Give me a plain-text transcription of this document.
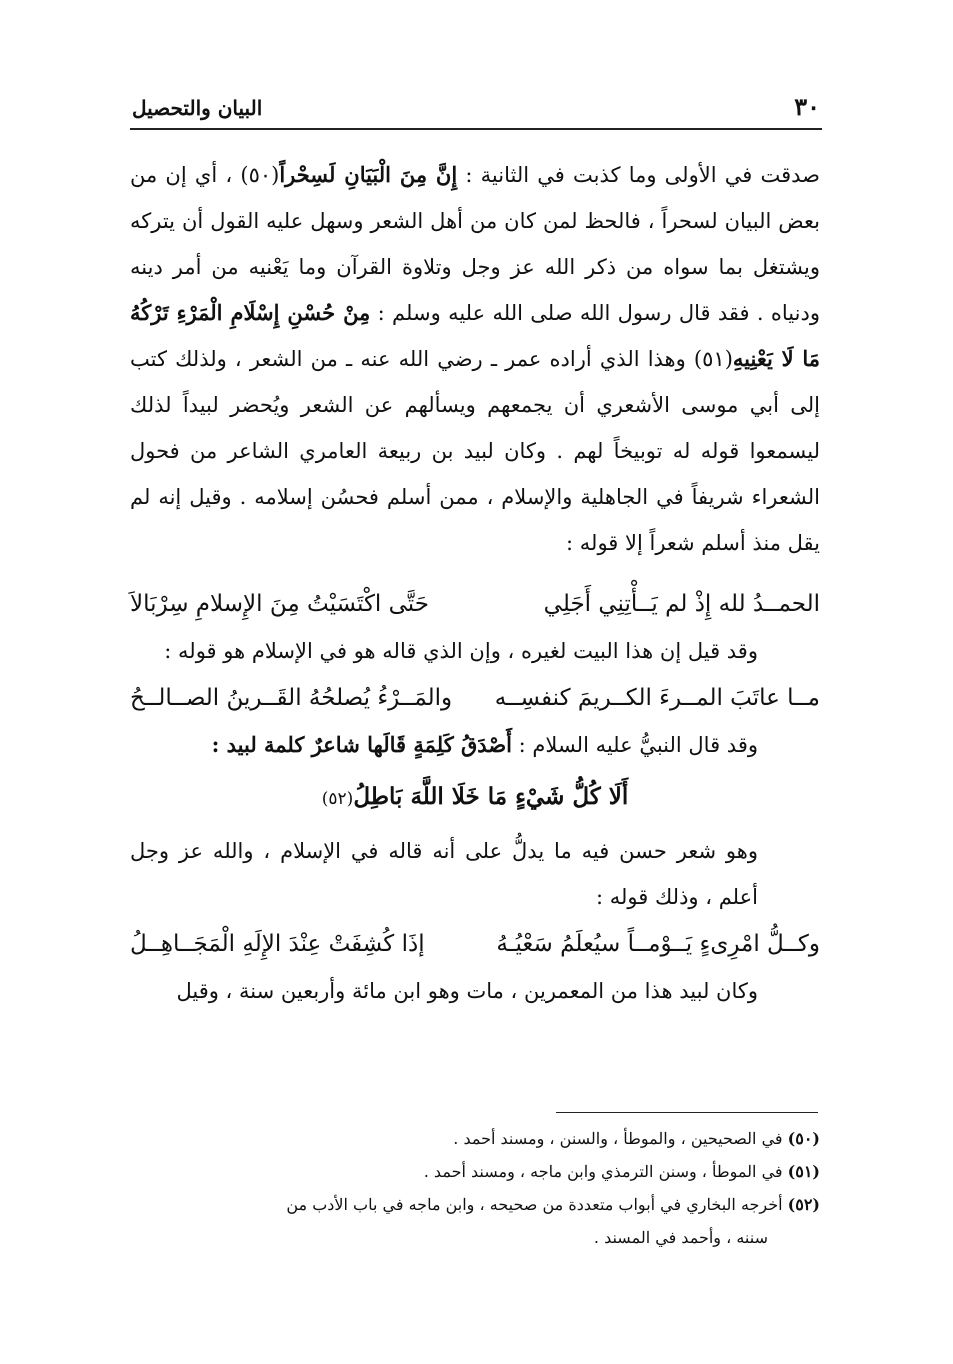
٣٠
البيان والتحصيل

صدقت في الأولى وما كذبت في الثانية : إِنَّ مِنَ الْبَيَانِ لَسِحْراً(٥٠) ، أي إن من بعض البيان لسحراً ، فالحظ لمن كان من أهل الشعر وسهل عليه القول أن يتركه ويشتغل بما سواه من ذكر الله عز وجل وتلاوة القرآن وما يَعْنيه من أمر دينه ودنياه . فقد قال رسول الله صلى الله عليه وسلم : مِنْ حُسْنِ إِسْلَامِ الْمَرْءِ تَرْكُهُ مَا لَا يَعْنِيهِ(٥١) وهذا الذي أراده عمر ـ رضي الله عنه ـ من الشعر ، ولذلك كتب إلى أبي موسى الأشعري أن يجمعهم ويسألهم عن الشعر ويُحضر لبيداً لذلك ليسمعوا قوله له توبيخاً لهم . وكان لبيد بن ربيعة العامري الشاعر من فحول الشعراء شريفاً في الجاهلية والإسلام ، ممن أسلم فحسُن إسلامه . وقيل إنه لم يقل منذ أسلم شعراً إلا قوله :

الحمــدُ لله إِذْ لم يَــأْتِنِي أَجَلِي
حَتَّى اكْتَسَيْتُ مِنَ الإِسلامِ سِرْبَالاَ

وقد قيل إن هذا البيت لغيره ، وإن الذي قاله هو في الإسلام هو قوله :

مــا عاتَبَ المــرءَ الكــريمَ كنفسِــه
والمَــرْءُ يُصلحُهُ القَــرينُ الصــالــحُ

وقد قال النبيُّ عليه السلام : أَصْدَقُ كَلِمَةٍ قَالَها شاعرٌ كلمة لبيد :

أَلَا كُلُّ شَيْءٍ مَا خَلَا اللَّهَ بَاطِلُ(٥٢)

وهو شعر حسن فيه ما يدلُّ على أنه قاله في الإسلام ، والله عز وجل أعلم ، وذلك قوله :

وكــلُّ امْرِىءٍ يَــوْمــاً سيُعلَمُ سَعْيُـهُ
إذَا كُشِفَتْ عِنْدَ الإِلَهِ الْمَجَــاهِــلُ

وكان لبيد هذا من المعمرين ، مات وهو ابن مائة وأربعين سنة ، وقيل

(٥٠) في الصحيحين ، والموطأ ، والسنن ، ومسند أحمد .

(٥١) في الموطأ ، وسنن الترمذي وابن ماجه ، ومسند أحمد .

(٥٢) أخرجه البخاري في أبواب متعددة من صحيحه ، وابن ماجه في باب الأدب من

سننه ، وأحمد في المسند .
